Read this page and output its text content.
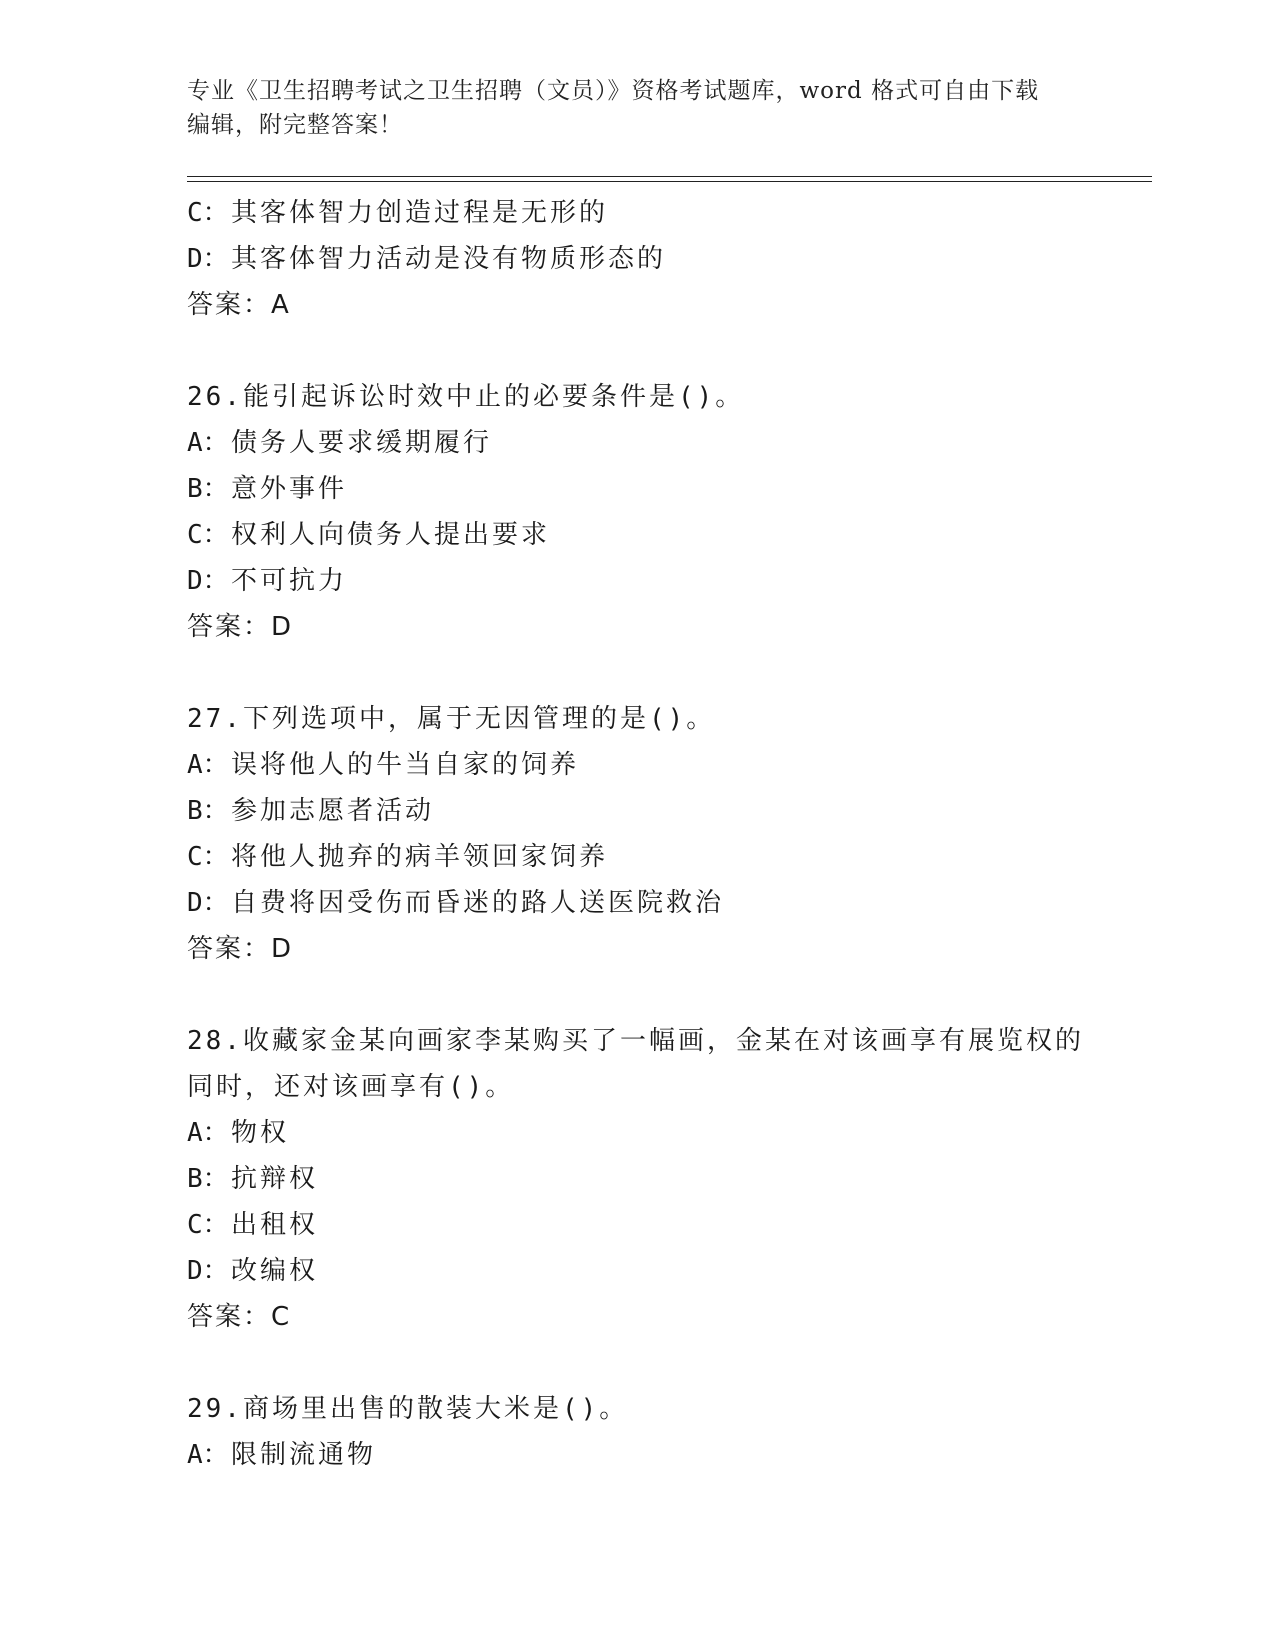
专业《卫生招聘考试之卫生招聘（文员）》资格考试题库，word 格式可自由下载
编辑，附完整答案！
C：其客体智力创造过程是无形的
D：其客体智力活动是没有物质形态的
答案：A
26.能引起诉讼时效中止的必要条件是()。
A：债务人要求缓期履行
B：意外事件
C：权利人向债务人提出要求
D：不可抗力
答案：D
27.下列选项中，属于无因管理的是()。
A：误将他人的牛当自家的饲养
B：参加志愿者活动
C：将他人抛弃的病羊领回家饲养
D：自费将因受伤而昏迷的路人送医院救治
答案：D
28.收藏家金某向画家李某购买了一幅画，金某在对该画享有展览权的
同时，还对该画享有()。
A：物权
B：抗辩权
C：出租权
D：改编权
答案：C
29.商场里出售的散装大米是()。
A：限制流通物
